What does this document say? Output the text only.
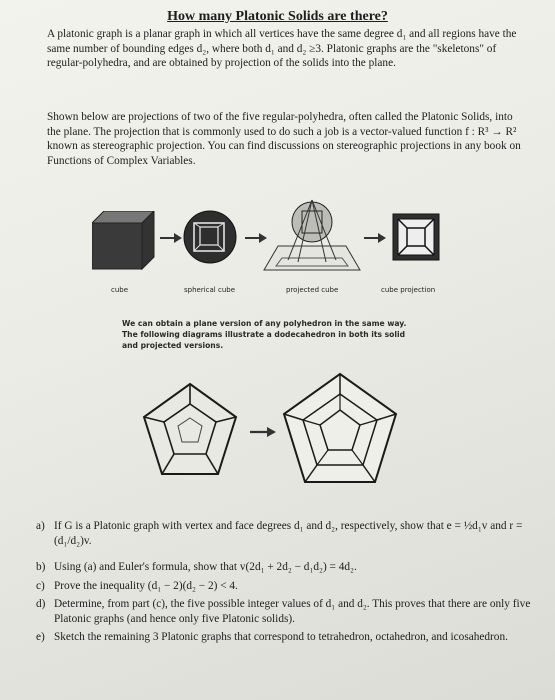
How many Platonic Solids are there?
A platonic graph is a planar graph in which all vertices have the same degree d₁ and all regions have the same number of bounding edges d₂, where both d₁ and d₂ ≥3. Platonic graphs are the "skeletons" of regular-polyhedra, and are obtained by projection of the solids into the plane.
Shown below are projections of two of the five regular-polyhedra, often called the Platonic Solids, into the plane. The projection that is commonly used to do such a job is a vector-valued function f : R³ → R² known as stereographic projection. You can find discussions on stereographic projections in any book on Functions of Complex Variables.
cube	spherical cube	projected cube	cube projection
We can obtain a plane version of any polyhedron in the same way. The following diagrams illustrate a dodecahedron in both its solid and projected versions.
a) If G is a Platonic graph with vertex and face degrees d₁ and d₂, respectively, show that e = ½d₁v and r = (d₁/d₂)v.
b) Using (a) and Euler's formula, show that v(2d₁ + 2d₂ − d₁d₂) = 4d₂.
c) Prove the inequality (d₁ − 2)(d₂ − 2) < 4.
d) Determine, from part (c), the five possible integer values of d₁ and d₂. This proves that there are only five Platonic graphs (and hence only five Platonic solids).
e) Sketch the remaining 3 Platonic graphs that correspond to tetrahedron, octahedron, and icosahedron.
